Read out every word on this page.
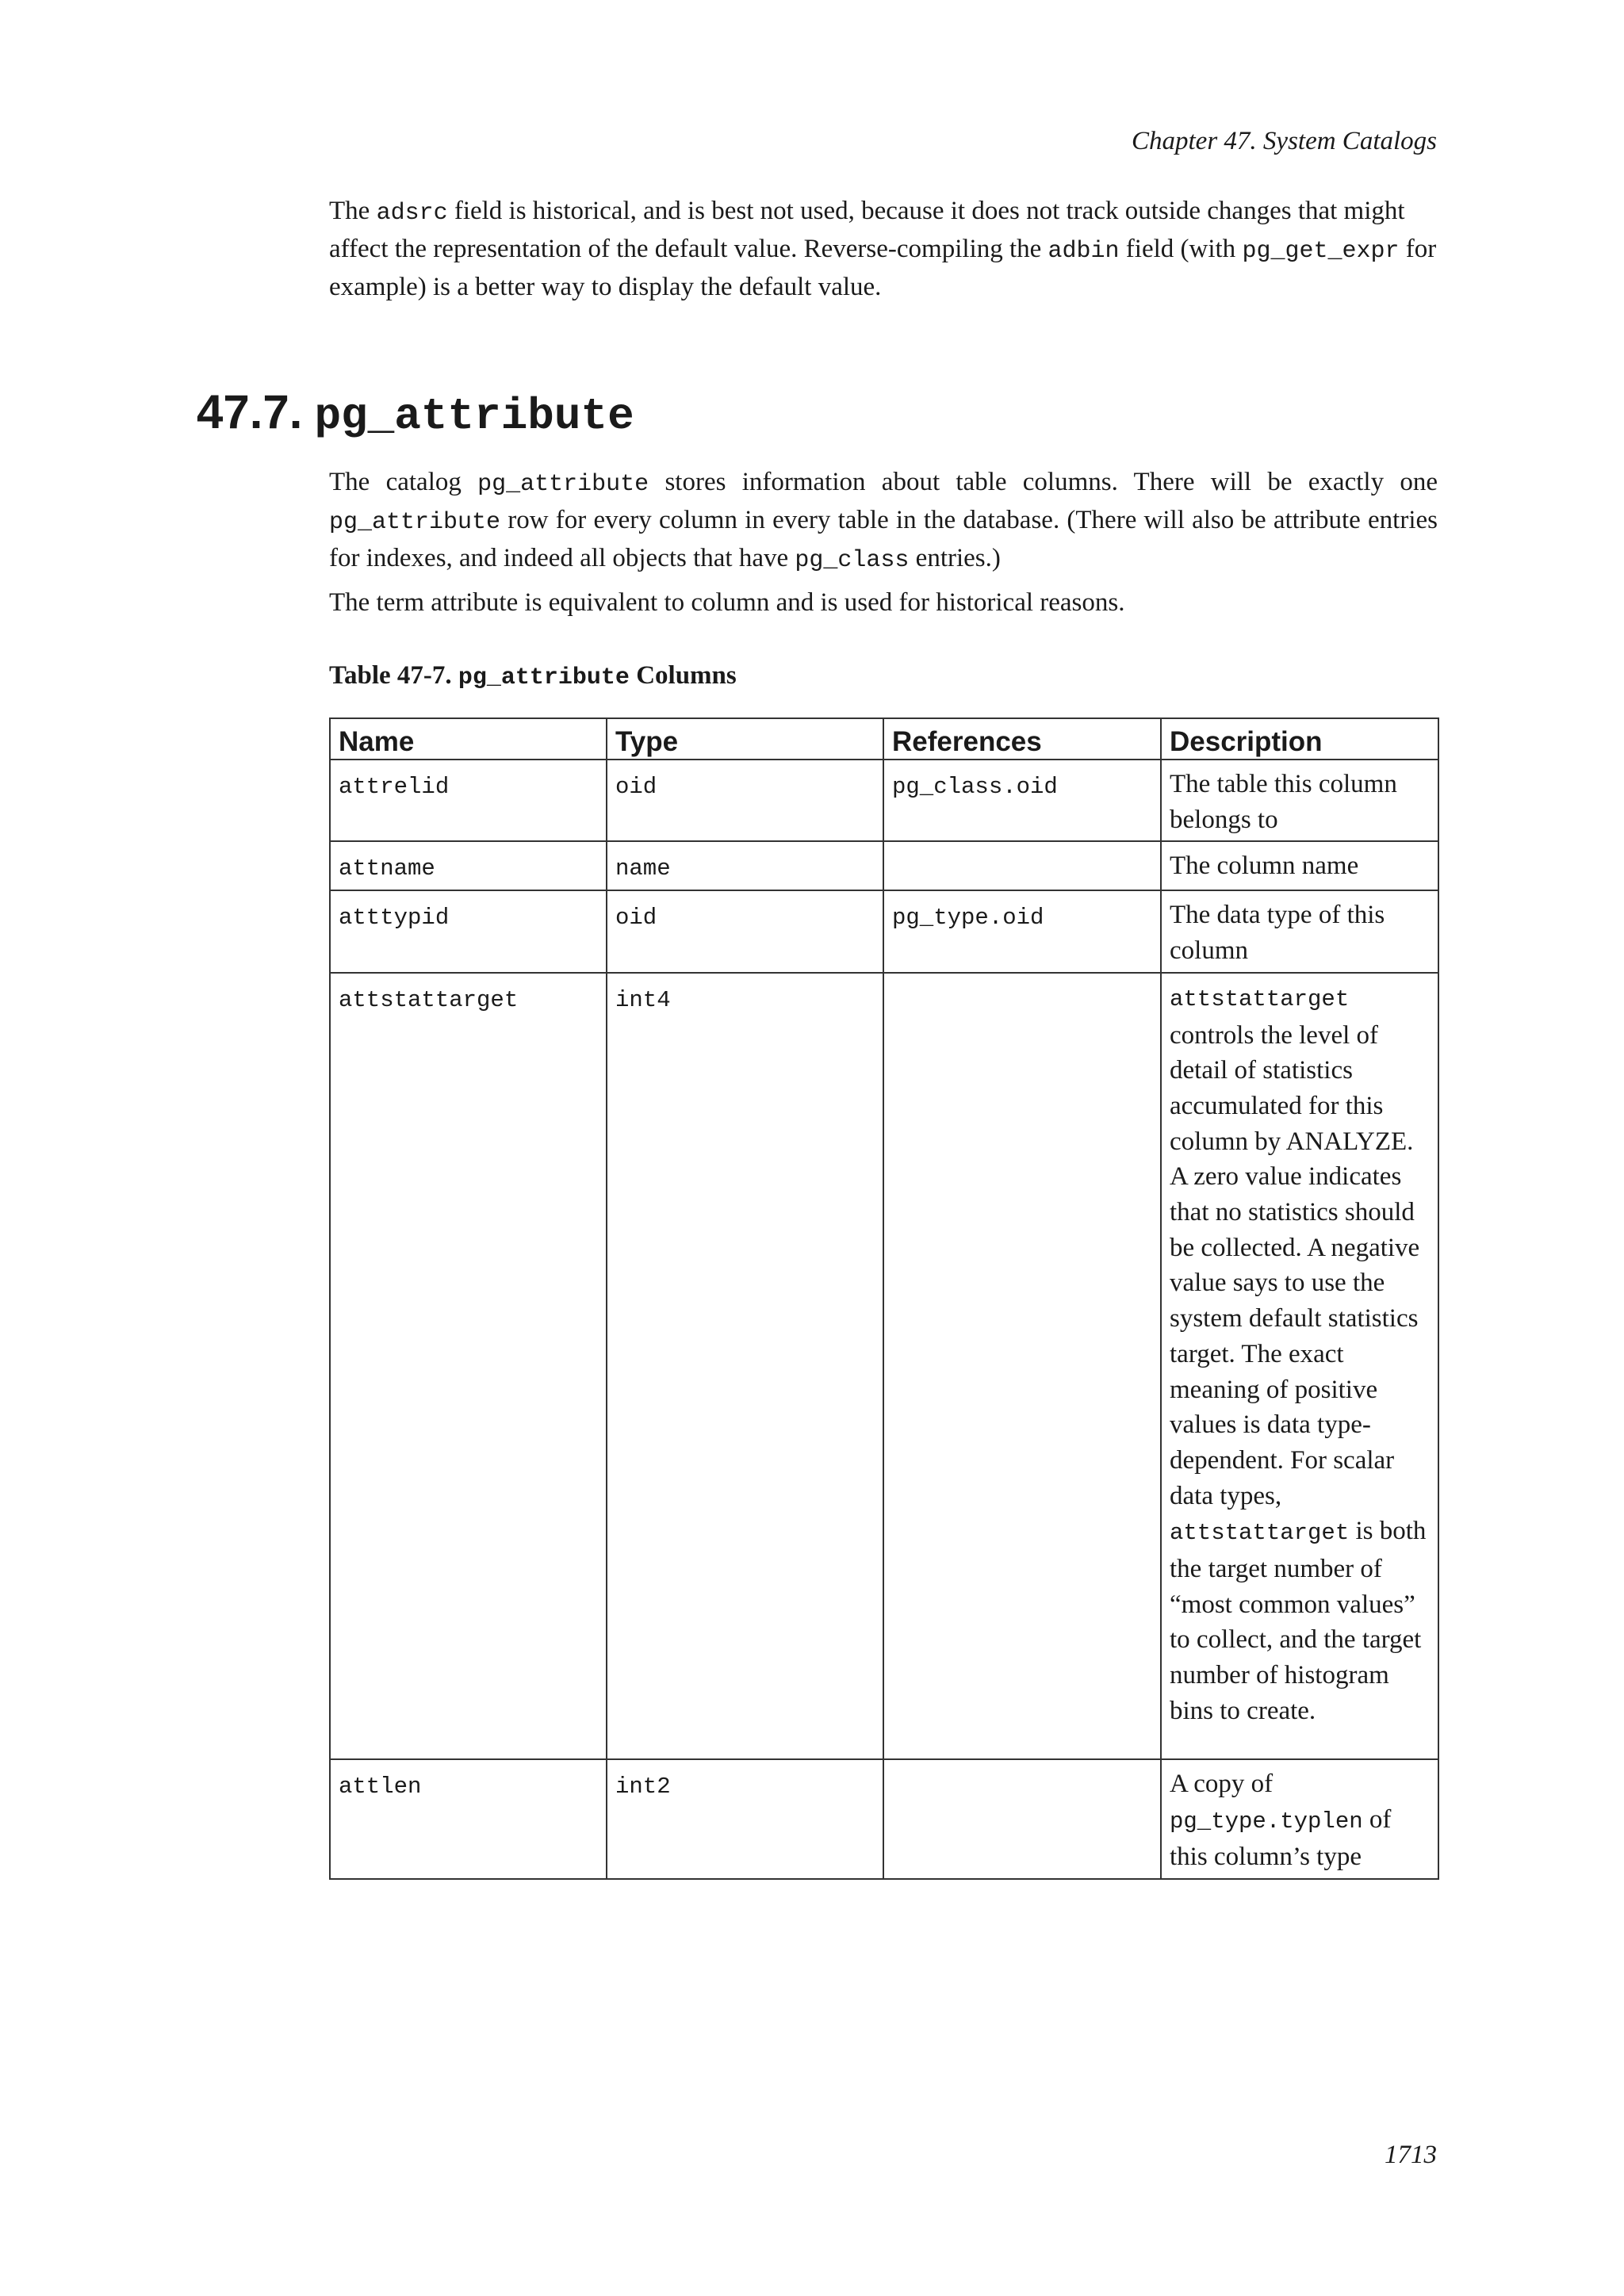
Chapter 47. System Catalogs

The adsrc field is historical, and is best not used, because it does not track outside changes that might affect the representation of the default value. Reverse-compiling the adbin field (with pg_get_expr for example) is a better way to display the default value.

47.7. pg_attribute

The catalog pg_attribute stores information about table columns. There will be exactly one pg_attribute row for every column in every table in the database. (There will also be attribute entries for indexes, and indeed all objects that have pg_class entries.)

The term attribute is equivalent to column and is used for historical reasons.

Table 47-7. pg_attribute Columns

Name	Type	References	Description
attrelid	oid	pg_class.oid	The table this column belongs to
attname	name		The column name
atttypid	oid	pg_type.oid	The data type of this column
attstattarget	int4		attstattarget controls the level of detail of statistics accumulated for this column by ANALYZE. A zero value indicates that no statistics should be collected. A negative value says to use the system default statistics target. The exact meaning of positive values is data type-dependent. For scalar data types, attstattarget is both the target number of “most common values” to collect, and the target number of histogram bins to create.
attlen	int2		A copy of pg_type.typlen of this column’s type
1713
